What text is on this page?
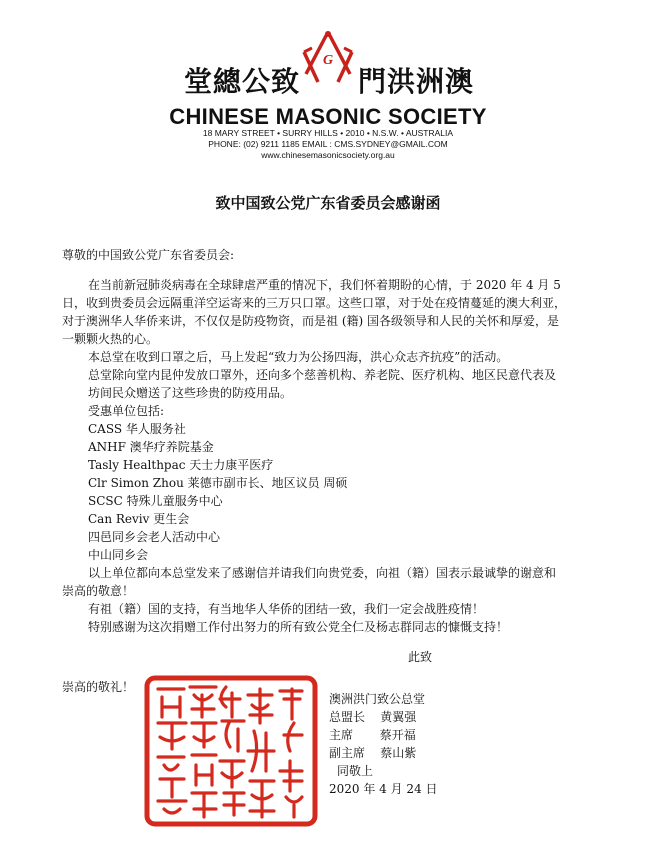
堂總公致 門洪洲澳
G
CHINESE MASONIC SOCIETY
18 MARY STREET • SURRY HILLS • 2010 • N.S.W. • AUSTRALIA
PHONE: (02) 9211 1185 EMAIL : CMS.SYDNEY@GMAIL.COM
www.chinesemasonicsociety.org.au
致中国致公党广东省委员会感谢函
尊敬的中国致公党广东省委员会:
在当前新冠肺炎病毒在全球肆虐严重的情况下，我们怀着期盼的心情，于 2020 年 4 月 5
日，收到贵委员会远隔重洋空运寄来的三万只口罩。这些口罩，对于处在疫情蔓延的澳大利亚，
对于澳洲华人华侨来讲，不仅仅是防疫物资，而是祖 (籍) 国各级领导和人民的关怀和厚爱，是
一颗颗火热的心。
本总堂在收到口罩之后，马上发起“致力为公扬四海，洪心众志齐抗疫”的活动。
总堂除向堂内昆仲发放口罩外，还向多个慈善机构、养老院、医疗机构、地区民意代表及
坊间民众赠送了这些珍贵的防疫用品。
受惠单位包括:
CASS 华人服务社
ANHF 澳华疗养院基金
Tasly Healthpac 天士力康平医疗
Clr Simon Zhou 莱德市副市长、地区议员 周硕
SCSC 特殊儿童服务中心
Can Reviv 更生会
四邑同乡会老人活动中心
中山同乡会
以上单位都向本总堂发来了感谢信并请我们向贵党委，向祖（籍）国表示最诚挚的谢意和
崇高的敬意！
有祖（籍）国的支持，有当地华人华侨的团结一致，我们一定会战胜疫情！
特别感谢为这次捐赠工作付出努力的所有致公党全仁及杨志群同志的慷慨支持！
此致
崇高的敬礼！
澳洲洪门致公总堂
总盟长    黄翼强
主席       蔡开福
副主席    蔡山紫
同敬上
2020 年 4 月 24 日
